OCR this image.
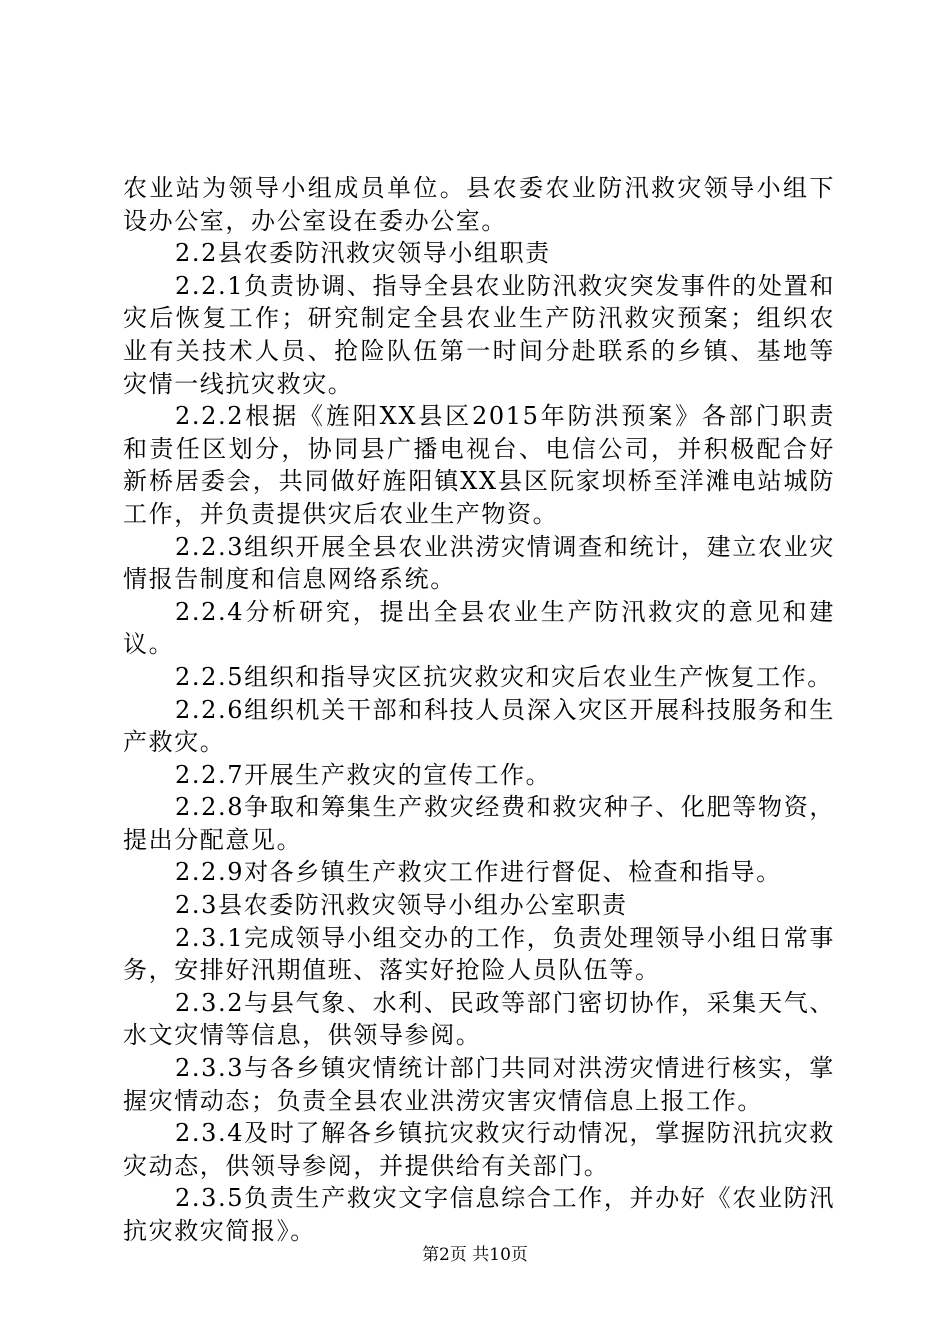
农业站为领导小组成员单位。县农委农业防汛救灾领导小组下设办公室，办公室设在委办公室。

2.2县农委防汛救灾领导小组职责

2.2.1负责协调、指导全县农业防汛救灾突发事件的处置和灾后恢复工作；研究制定全县农业生产防汛救灾预案；组织农业有关技术人员、抢险队伍第一时间分赴联系的乡镇、基地等灾情一线抗灾救灾。

2.2.2根据《旌阳XX县区2015年防洪预案》各部门职责和责任区划分，协同县广播电视台、电信公司，并积极配合好新桥居委会，共同做好旌阳镇XX县区阮家坝桥至洋滩电站城防工作，并负责提供灾后农业生产物资。

2.2.3组织开展全县农业洪涝灾情调查和统计，建立农业灾情报告制度和信息网络系统。

2.2.4分析研究，提出全县农业生产防汛救灾的意见和建议。

2.2.5组织和指导灾区抗灾救灾和灾后农业生产恢复工作。

2.2.6组织机关干部和科技人员深入灾区开展科技服务和生产救灾。

2.2.7开展生产救灾的宣传工作。

2.2.8争取和筹集生产救灾经费和救灾种子、化肥等物资，提出分配意见。

2.2.9对各乡镇生产救灾工作进行督促、检查和指导。

2.3县农委防汛救灾领导小组办公室职责

2.3.1完成领导小组交办的工作，负责处理领导小组日常事务，安排好汛期值班、落实好抢险人员队伍等。

2.3.2与县气象、水利、民政等部门密切协作，采集天气、水文灾情等信息，供领导参阅。

2.3.3与各乡镇灾情统计部门共同对洪涝灾情进行核实，掌握灾情动态；负责全县农业洪涝灾害灾情信息上报工作。

2.3.4及时了解各乡镇抗灾救灾行动情况，掌握防汛抗灾救灾动态，供领导参阅，并提供给有关部门。

2.3.5负责生产救灾文字信息综合工作，并办好《农业防汛抗灾救灾简报》。

第2页 共10页
